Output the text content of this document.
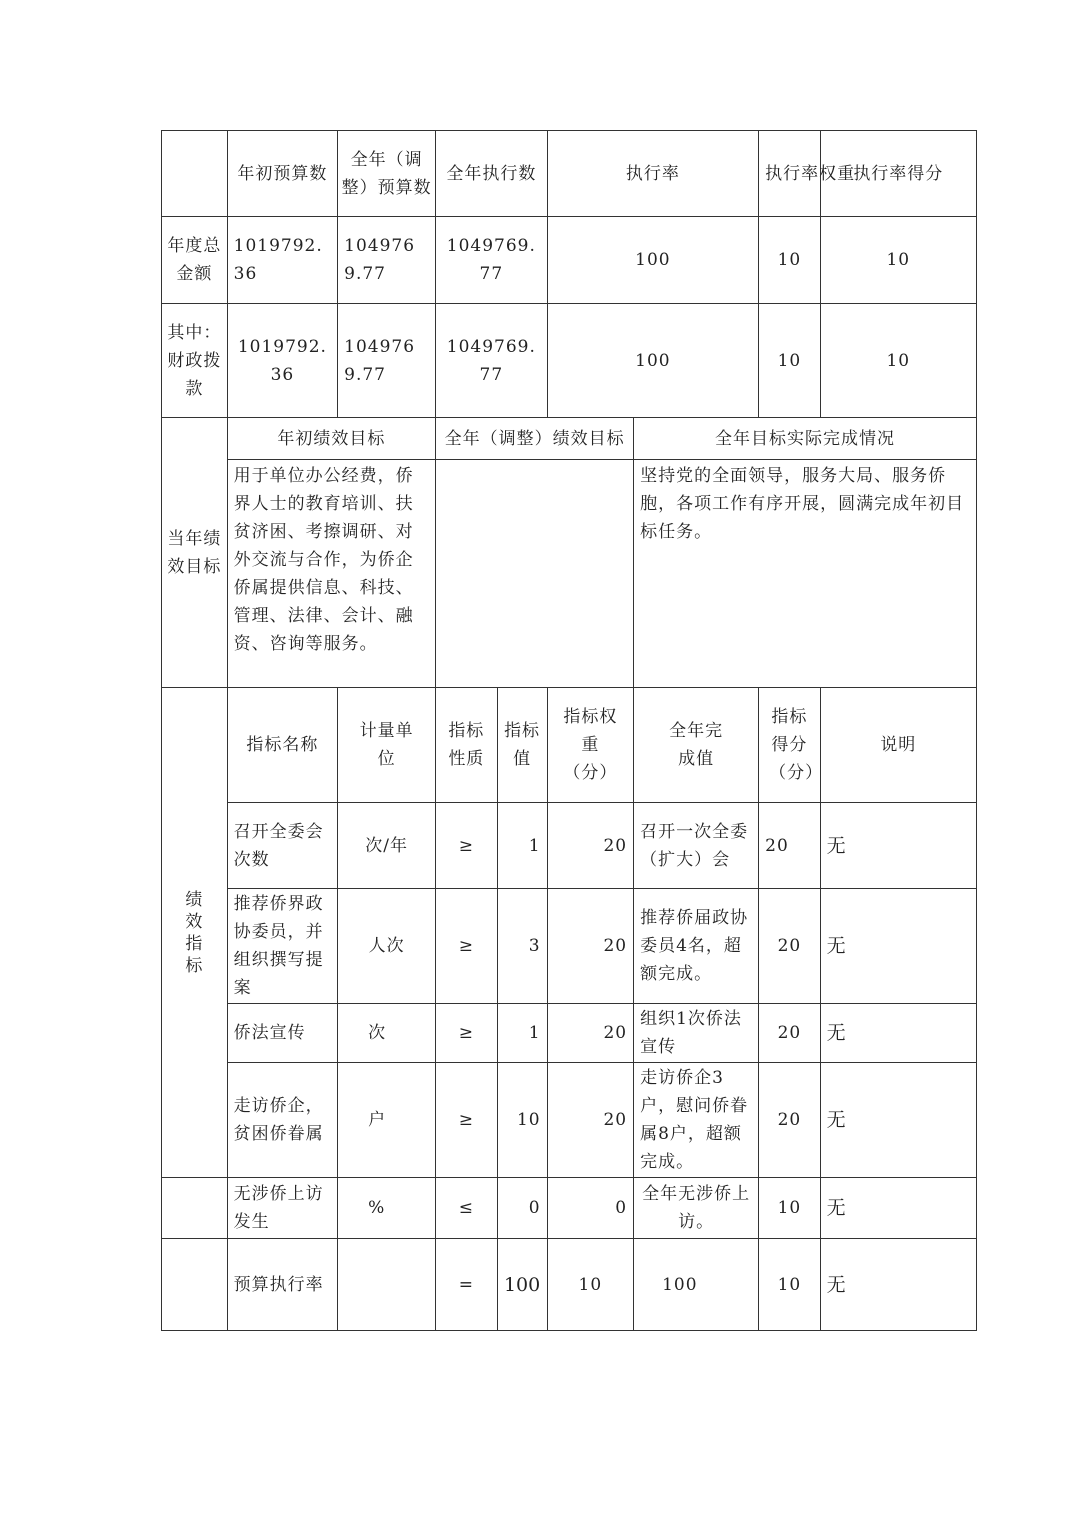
	年初预算数	全年（调整）预算数	全年执行数		执行率		执行率权重	执行率得分
年度总金额	1019792.36	1049769.77	1049769.77		100		10	10
其中：财政拨款	1019792.36	1049769.77	1049769.77		100		10	10
当年绩效目标	年初绩效目标		全年（调整）绩效目标			全年目标实际完成情况		
	用于单位办公经费，侨界人士的教育培训、扶贫济困、考擦调研、对外交流与合作，为侨企侨属提供信息、科技、管理、法律、会计、融资、咨询等服务。					坚持党的全面领导，服务大局、服务侨胞，各项工作有序开展，圆满完成年初目标任务。		

绩效指标	指标名称	计量单位	指标性质	指标值	指标权重（分）	全年完成值	指标得分（分）	说明
	召开全委会次数	次/年	≥	1	20	召开一次全委（扩大）会	20	无
	推荐侨界政协委员，并组织撰写提案	人次	≥	3	20	推荐侨届政协委员4名，超额完成。	20	无
	侨法宣传	次	≥	1	20	组织1次侨法宣传	20	无
	走访侨企，贫困侨眷属	户	≥	10	20	走访侨企3户，慰问侨眷属8户，超额完成。	20	无
	无涉侨上访发生	%	≤	0	0	全年无涉侨上访。	10	无
	预算执行率		=	100	10	100	10	无
